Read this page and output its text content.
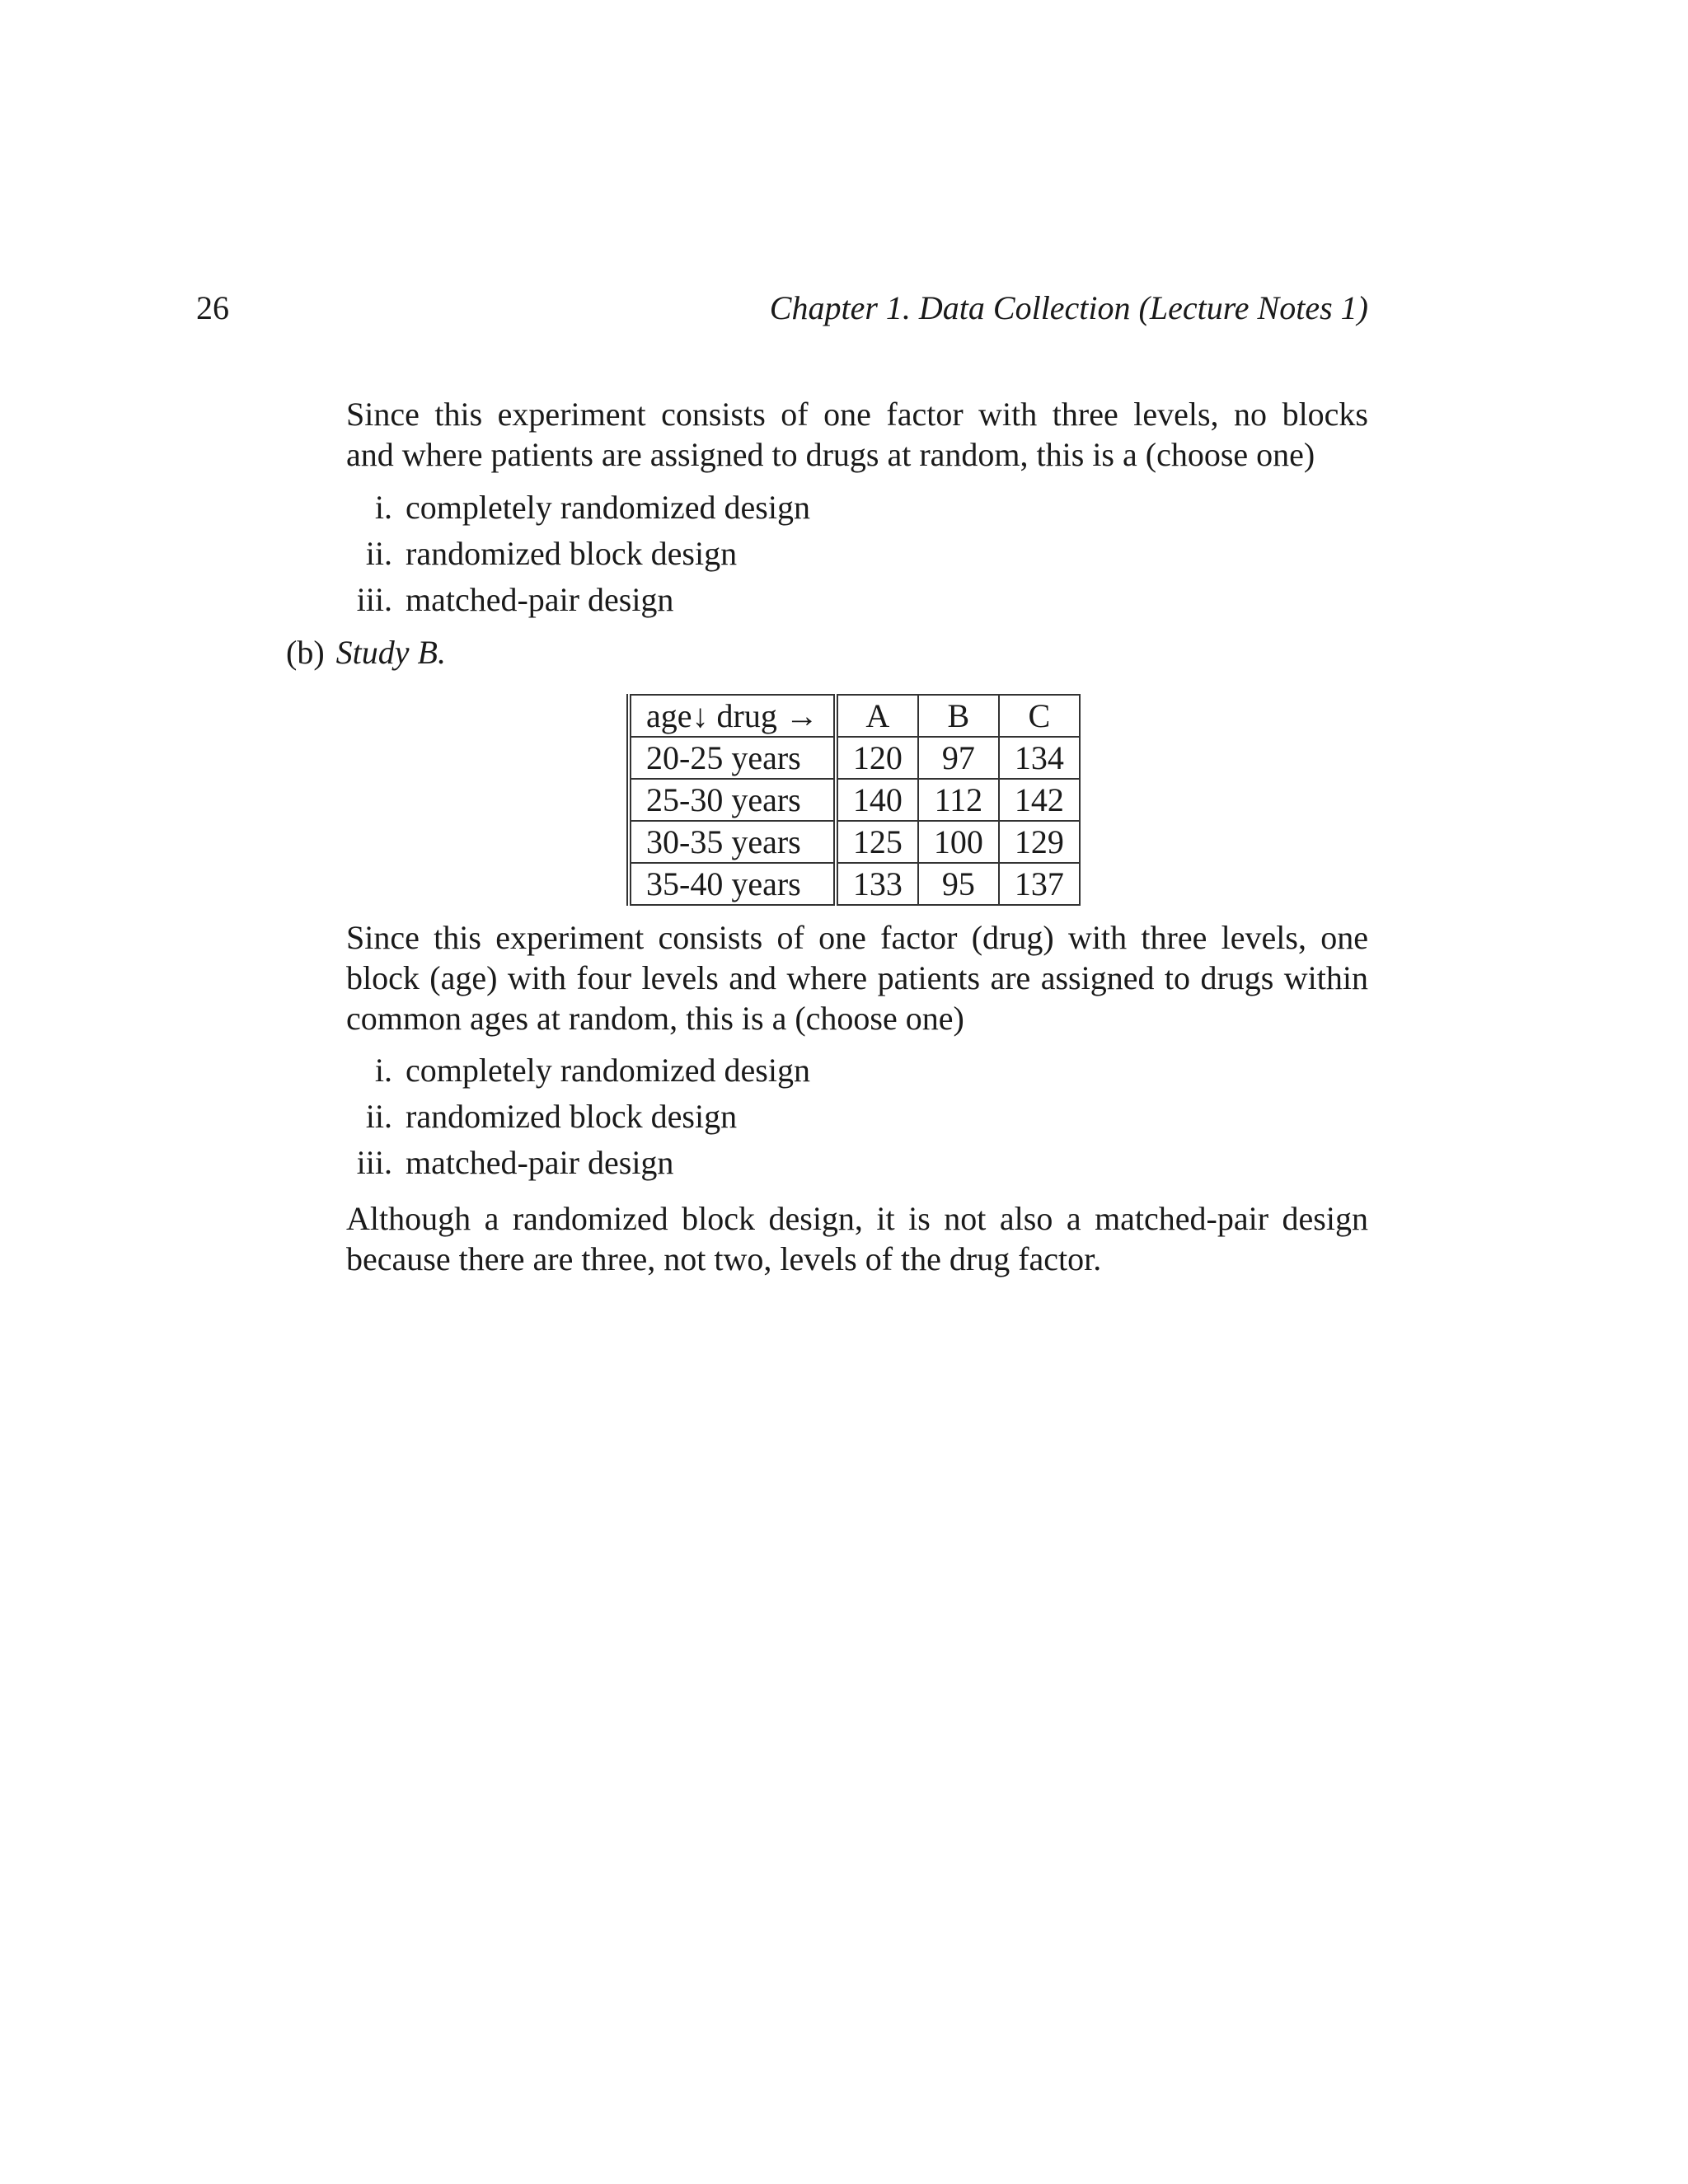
26	Chapter 1. Data Collection (Lecture Notes 1)
Since this experiment consists of one factor with three levels, no blocks
and where patients are assigned to drugs at random, this is a (choose one)
i. completely randomized design
ii. randomized block design
iii. matched-pair design
(b) Study B.
age↓ drug →	A	B	C
20-25 years	120	97	134
25-30 years	140	112	142
30-35 years	125	100	129
35-40 years	133	95	137
Since this experiment consists of one factor (drug) with three levels, one
block (age) with four levels and where patients are assigned to drugs within
common ages at random, this is a (choose one)
i. completely randomized design
ii. randomized block design
iii. matched-pair design
Although a randomized block design, it is not also a matched-pair design
because there are three, not two, levels of the drug factor.
